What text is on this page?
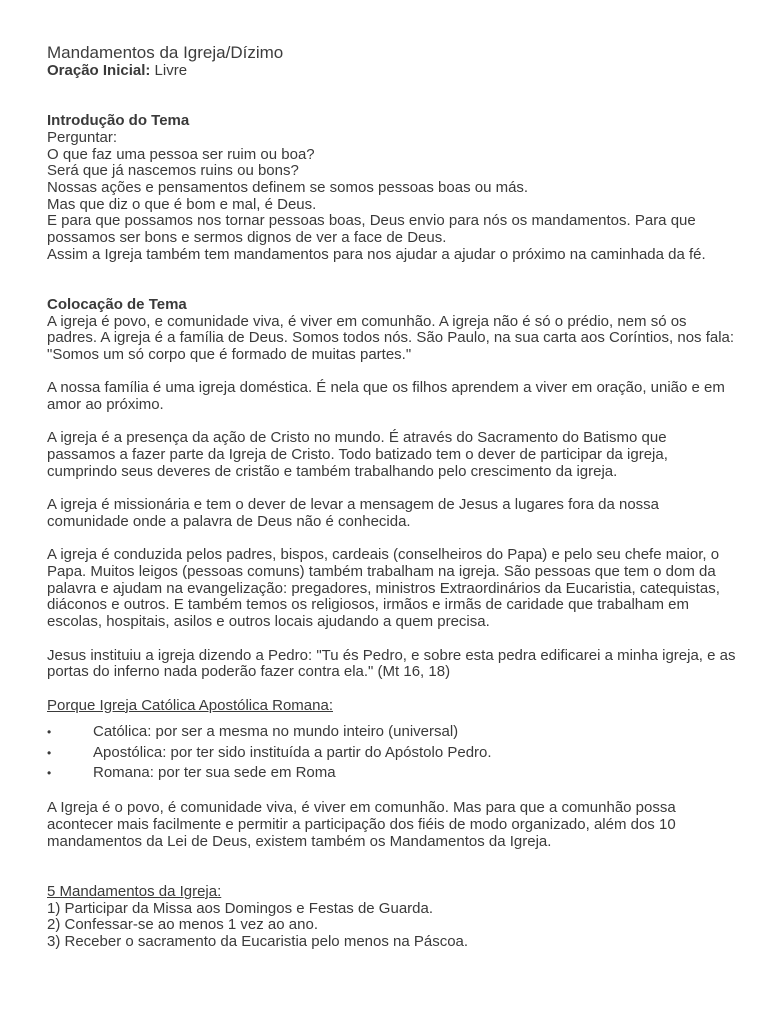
Mandamentos da Igreja/Dízimo

Oração Inicial: Livre

Introdução do Tema

Perguntar:

O que faz uma pessoa ser ruim ou boa?

Será que já nascemos ruins ou bons?

Nossas ações e pensamentos definem se somos pessoas boas ou más.

Mas que diz o que é bom e mal, é Deus.

E para que possamos nos tornar pessoas boas, Deus envio para nós os mandamentos. Para que possamos ser bons e sermos dignos de ver a face de Deus.

Assim a Igreja também tem mandamentos para nos ajudar a ajudar o próximo na caminhada da fé.

Colocação de Tema

A igreja é povo, e comunidade viva, é viver em comunhão. A igreja não é só o prédio, nem só os padres. A igreja é a família de Deus. Somos todos nós. São Paulo, na sua carta aos Coríntios, nos fala: "Somos um só corpo que é formado de muitas partes."

A nossa família é uma igreja doméstica. É nela que os filhos aprendem a viver em oração, união e em amor ao próximo.

A igreja é a presença da ação de Cristo no mundo. É através do Sacramento do Batismo que passamos a fazer parte da Igreja de Cristo. Todo batizado tem o dever de participar da igreja, cumprindo seus deveres de cristão e também trabalhando pelo crescimento da igreja.

A igreja é missionária e tem o dever de levar a mensagem de Jesus a lugares fora da nossa comunidade onde a palavra de Deus não é conhecida.

A igreja é conduzida pelos padres, bispos, cardeais (conselheiros do Papa) e pelo seu chefe maior, o Papa. Muitos leigos (pessoas comuns) também trabalham na igreja. São pessoas que tem o dom da palavra e ajudam na evangelização: pregadores, ministros Extraordinários da Eucaristia, catequistas, diáconos e outros. E também temos os religiosos, irmãos e irmãs de caridade que trabalham em escolas, hospitais, asilos e outros locais ajudando a quem precisa.

Jesus instituiu a igreja dizendo a Pedro: "Tu és Pedro, e sobre esta pedra edificarei a minha igreja, e as portas do inferno nada poderão fazer contra ela." (Mt 16, 18)

Porque Igreja Católica Apostólica Romana:

•	Católica: por ser a mesma no mundo inteiro (universal)
•	Apostólica: por ter sido instituída a partir do Apóstolo Pedro.
•	Romana: por ter sua sede em Roma

A Igreja é o povo, é comunidade viva, é viver em comunhão. Mas para que a comunhão possa acontecer mais facilmente e permitir a participação dos fiéis de modo organizado, além dos 10 mandamentos da Lei de Deus, existem também os Mandamentos da Igreja.

5 Mandamentos da Igreja:

1) Participar da Missa aos Domingos e Festas de Guarda.

2) Confessar-se ao menos 1 vez ao ano.

3) Receber o sacramento da Eucaristia pelo menos na Páscoa.
